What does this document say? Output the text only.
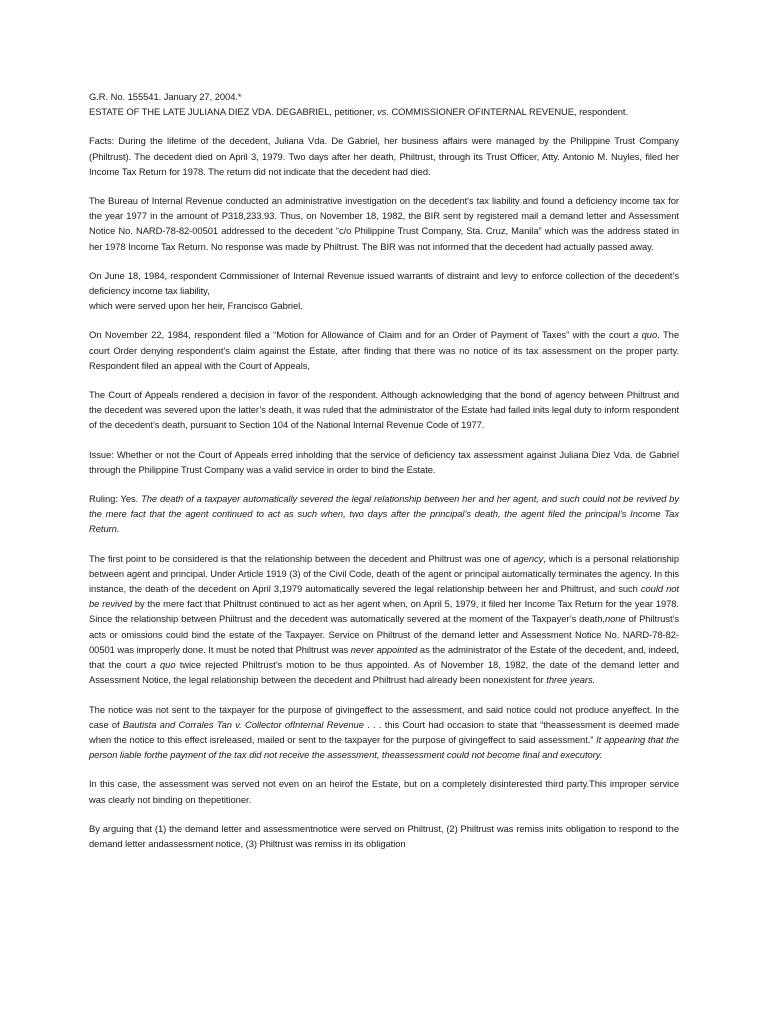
G.R. No. 155541. January 27, 2004.*
ESTATE OF THE LATE JULIANA DIEZ VDA. DEGABRIEL, petitioner, vs. COMMISSIONER OFINTERNAL REVENUE, respondent.
Facts: During the lifetime of the decedent, Juliana Vda. De Gabriel, her business affairs were managed by the Philippine Trust Company (Philtrust). The decedent died on April 3, 1979. Two days after her death, Philtrust, through its Trust Officer, Atty. Antonio M. Nuyles, filed her Income Tax Return for 1978. The return did not indicate that the decedent had died.
The Bureau of Internal Revenue conducted an administrative investigation on the decedent's tax liability and found a deficiency income tax for the year 1977 in the amount of P318,233.93. Thus, on November 18, 1982, the BIR sent by registered mail a demand letter and Assessment Notice No. NARD-78-82-00501 addressed to the decedent “c/o Philippine Trust Company, Sta. Cruz, Manila” which was the address stated in her 1978 Income Tax Return. No response was made by Philtrust. The BIR was not informed that the decedent had actually passed away.
On June 18, 1984, respondent Commissioner of Internal Revenue issued warrants of distraint and levy to enforce collection of the decedent’s deficiency income tax liability,
which were served upon her heir, Francisco Gabriel.
On November 22, 1984, respondent filed a “Motion for Allowance of Claim and for an Order of Payment of Taxes” with the court a quo. The court Order denying respondent’s claim against the Estate, after finding that there was no notice of its tax assessment on the proper party. Respondent filed an appeal with the Court of Appeals,
The Court of Appeals rendered a decision in favor of the respondent. Although acknowledging that the bond of agency between Philtrust and the decedent was severed upon the latter’s death, it was ruled that the administrator of the Estate had failed inits legal duty to inform respondent of the decedent’s death, pursuant to Section 104 of the National Internal Revenue Code of 1977.
Issue: Whether or not the Court of Appeals erred inholding that the service of deficiency tax assessment against Juliana Diez Vda. de Gabriel through the Philippine Trust Company was a valid service in order to bind the Estate.
Ruling: Yes. The death of a taxpayer automatically severed the legal relationship between her and her agent, and such could not be revived by the mere fact that the agent continued to act as such when, two days after the principal’s death, the agent filed the principal’s Income Tax Return.
The first point to be considered is that the relationship between the decedent and Philtrust was one of agency, which is a personal relationship between agent and principal. Under Article 1919 (3) of the Civil Code, death of the agent or principal automatically terminates the agency. In this instance, the death of the decedent on April 3,1979 automatically severed the legal relationship between her and Philtrust, and such could not be revived by the mere fact that Philtrust continued to act as her agent when, on April 5, 1979, it filed her Income Tax Return for the year 1978. Since the relationship between Philtrust and the decedent was automatically severed at the moment of the Taxpayer’s death,none of Philtrust’s acts or omissions could bind the estate of the Taxpayer. Service on Philtrust of the demand letter and Assessment Notice No. NARD-78-82-00501 was improperly done. It must be noted that Philtrust was never appointed as the administrator of the Estate of the decedent, and, indeed, that the court a quo twice rejected Philtrust’s motion to be thus appointed. As of November 18, 1982, the date of the demand letter and Assessment Notice, the legal relationship between the decedent and Philtrust had already been nonexistent for three years.
The notice was not sent to the taxpayer for the purpose of givingeffect to the assessment, and said notice could not produce anyeffect. In the case of Bautista and Corrales Tan v. Collector ofInternal Revenue . . . this Court had occasion to state that “theassessment is deemed made when the notice to this effect isreleased, mailed or sent to the taxpayer for the purpose of givingeffect to said assessment.” It appearing that the person liable forthe payment of the tax did not receive the assessment, theassessment could not become final and executory.
In this case, the assessment was served not even on an heirof the Estate, but on a completely disinterested third party.This improper service was clearly not binding on thepetitioner.
By arguing that (1) the demand letter and assessmentnotice were served on Philtrust, (2) Philtrust was remiss inits obligation to respond to the demand letter andassessment notice, (3) Philtrust was remiss in its obligation
